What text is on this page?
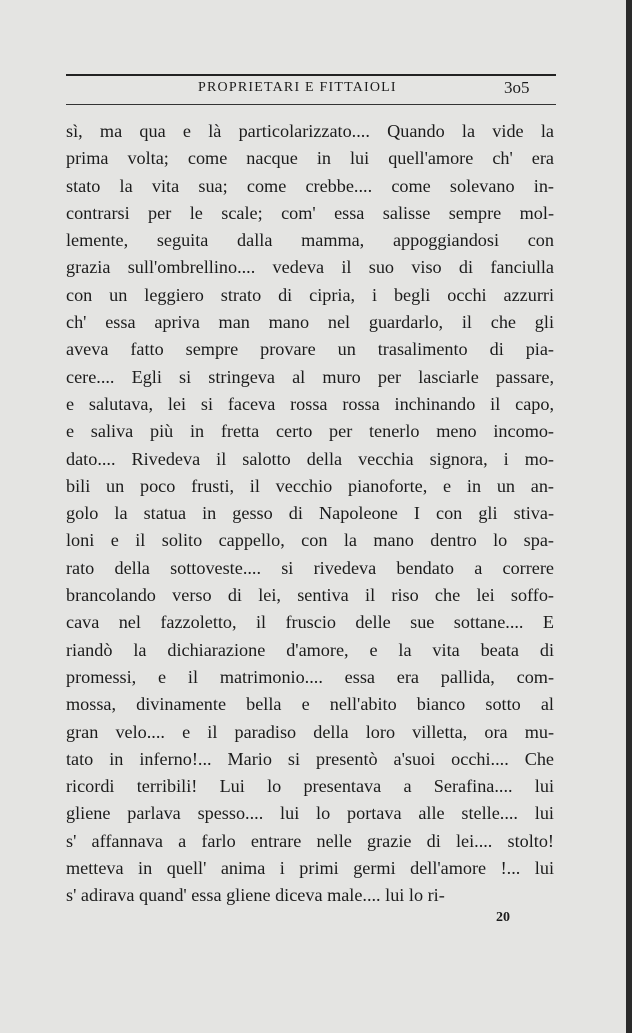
PROPRIETARI E FITTAIOLI	3o5
sì, ma qua e là particolarizzato.... Quando la vide la
prima volta; come nacque in lui quell'amore ch' era
stato la vita sua; come crebbe.... come solevano in-
contrarsi per le scale; com' essa salisse sempre mol-
lemente, seguita dalla mamma, appoggiandosi con
grazia sull'ombrellino.... vedeva il suo viso di fanciulla
con un leggiero strato di cipria, i begli occhi azzurri
ch' essa apriva man mano nel guardarlo, il che gli
aveva fatto sempre provare un trasalimento di pia-
cere.... Egli si stringeva al muro per lasciarle passare,
e salutava, lei si faceva rossa rossa inchinando il capo,
e saliva più in fretta certo per tenerlo meno incomo-
dato.... Rivedeva il salotto della vecchia signora, i mo-
bili un poco frusti, il vecchio pianoforte, e in un an-
golo la statua in gesso di Napoleone I con gli stiva-
loni e il solito cappello, con la mano dentro lo spa-
rato della sottoveste.... si rivedeva bendato a correre
brancolando verso di lei, sentiva il riso che lei soffo-
cava nel fazzoletto, il fruscio delle sue sottane.... E
riandò la dichiarazione d'amore, e la vita beata di
promessi, e il matrimonio.... essa era pallida, com-
mossa, divinamente bella e nell'abito bianco sotto al
gran velo.... e il paradiso della loro villetta, ora mu-
tato in inferno!... Mario si presentò a'suoi occhi.... Che
ricordi terribili! Lui lo presentava a Serafina.... lui
gliene parlava spesso.... lui lo portava alle stelle.... lui
s' affannava a farlo entrare nelle grazie di lei.... stolto!
metteva in quell' anima i primi germi dell'amore !... lui
s' adirava quand' essa gliene diceva male.... lui lo ri-
20
